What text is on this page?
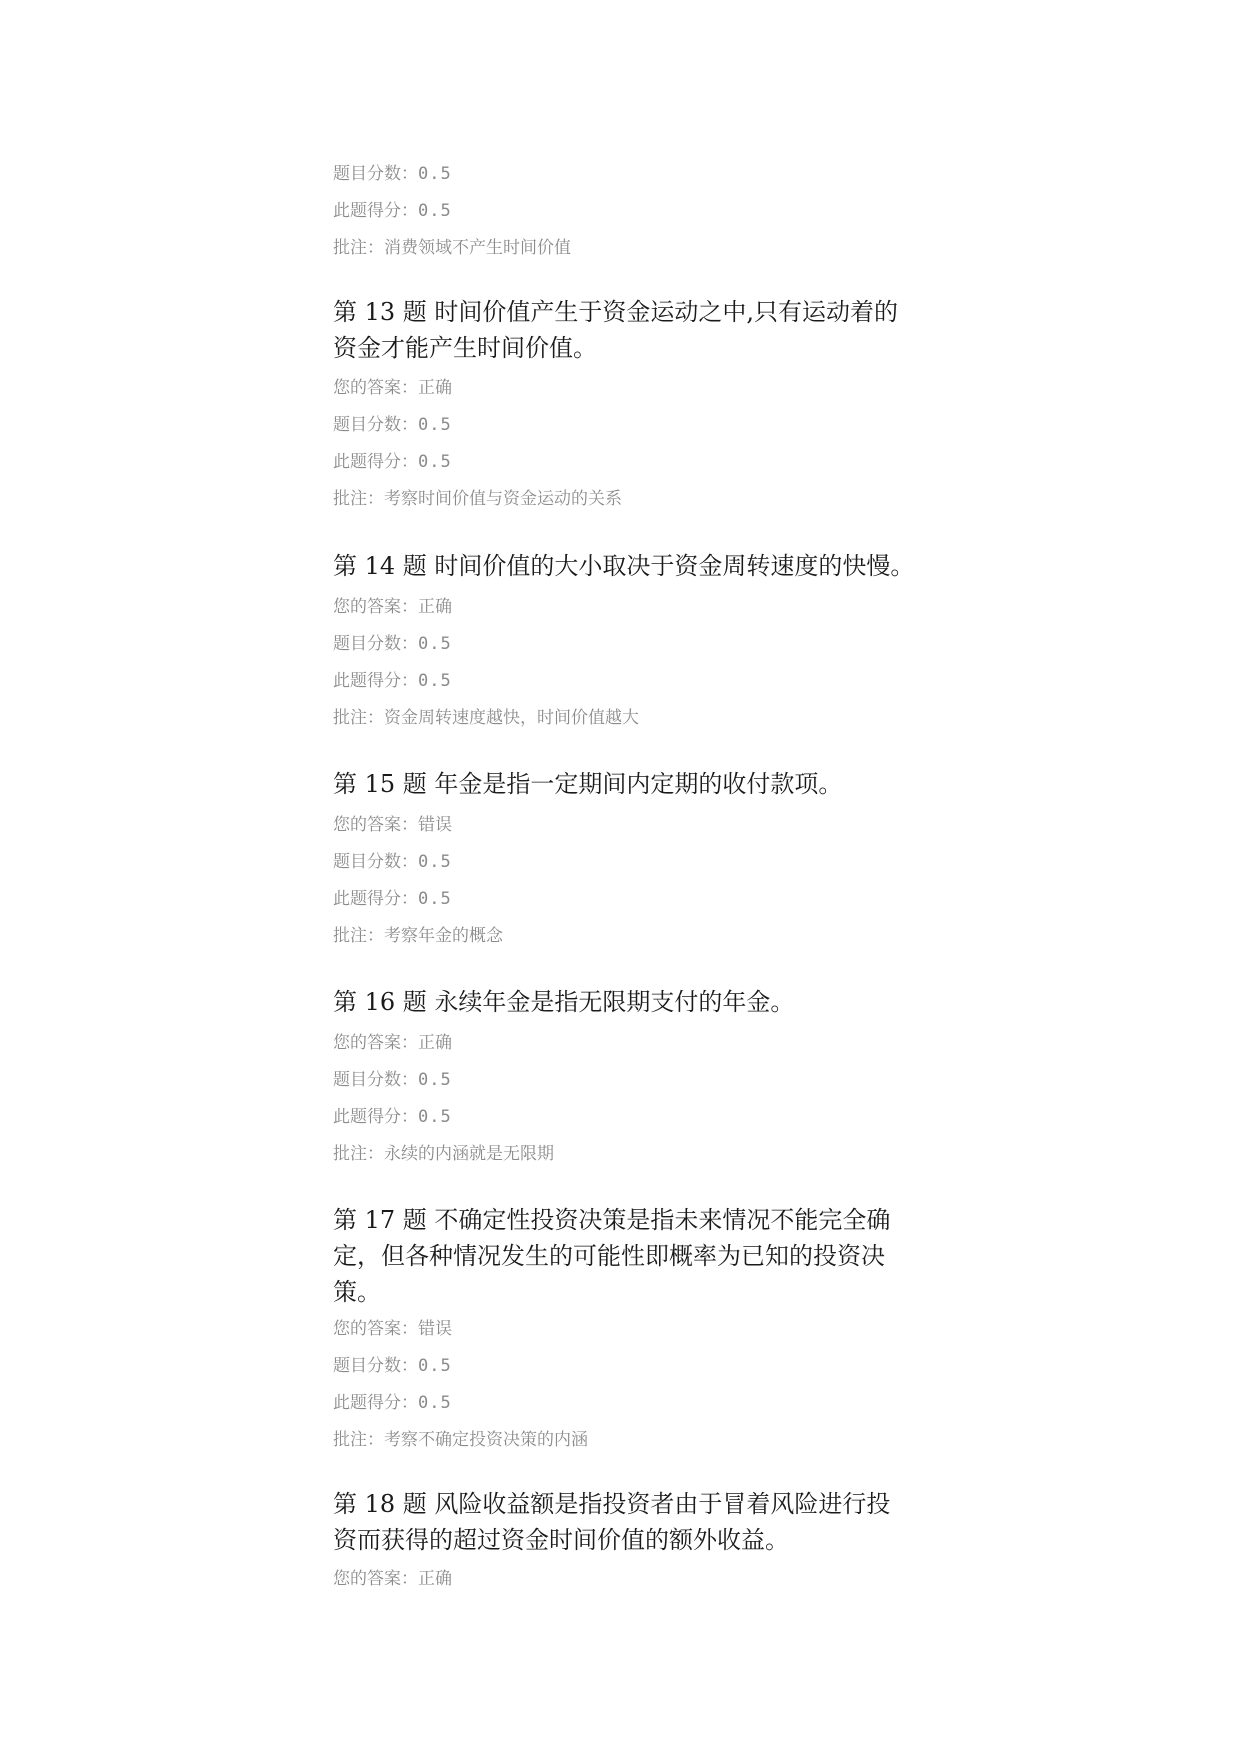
题目分数：0.5
此题得分：0.5
批注：消费领域不产生时间价值
第 13 题 时间价值产生于资金运动之中,只有运动着的
资金才能产生时间价值。
您的答案：正确
题目分数：0.5
此题得分：0.5
批注：考察时间价值与资金运动的关系
第 14 题 时间价值的大小取决于资金周转速度的快慢。
您的答案：正确
题目分数：0.5
此题得分：0.5
批注：资金周转速度越快，时间价值越大
第 15 题 年金是指一定期间内定期的收付款项。
您的答案：错误
题目分数：0.5
此题得分：0.5
批注：考察年金的概念
第 16 题 永续年金是指无限期支付的年金。
您的答案：正确
题目分数：0.5
此题得分：0.5
批注：永续的内涵就是无限期
第 17 题 不确定性投资决策是指未来情况不能完全确
定，但各种情况发生的可能性即概率为已知的投资决
策。
您的答案：错误
题目分数：0.5
此题得分：0.5
批注：考察不确定投资决策的内涵
第 18 题 风险收益额是指投资者由于冒着风险进行投
资而获得的超过资金时间价值的额外收益。
您的答案：正确
